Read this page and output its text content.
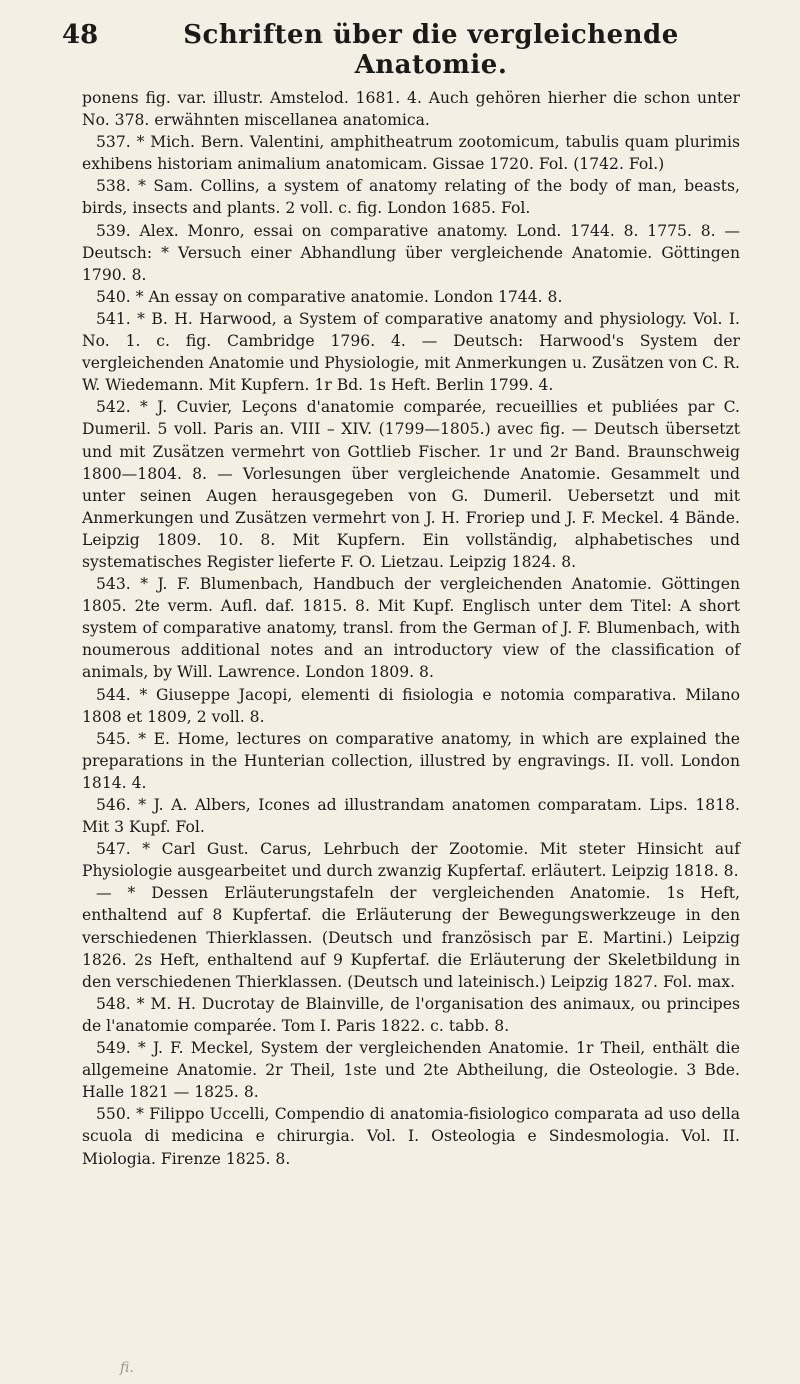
48	Schriften über die vergleichende Anatomie.

ponens fig. var. illustr. Amstelod. 1681. 4. Auch gehören hierher die schon unter No. 378. erwähnten miscellanea anatomica.

537. * Mich. Bern. Valentini, amphitheatrum zootomicum, tabulis quam plurimis exhibens historiam animalium anatomicam. Gissae 1720. Fol. (1742. Fol.)

538. * Sam. Collins, a system of anatomy relating of the body of man, beasts, birds, insects and plants. 2 voll. c. fig. London 1685. Fol.

539. Alex. Monro, essai on comparative anatomy. Lond. 1744. 8. 1775. 8. — Deutsch: * Versuch einer Abhandlung über vergleichende Anatomie. Göttingen 1790. 8.

540. * An essay on comparative anatomie. London 1744. 8.

541. * B. H. Harwood, a System of comparative anatomy and physiology. Vol. I. No. 1. c. fig. Cambridge 1796. 4. — Deutsch: Harwood's System der vergleichenden Anatomie und Physiologie, mit Anmerkungen u. Zusätzen von C. R. W. Wiedemann. Mit Kupfern. 1r Bd. 1s Heft. Berlin 1799. 4.

542. * J. Cuvier, Leçons d'anatomie comparée, recueillies et publiées par C. Dumeril. 5 voll. Paris an. VIII – XIV. (1799—1805.) avec fig. — Deutsch übersetzt und mit Zusätzen vermehrt von Gottlieb Fischer. 1r und 2r Band. Braunschweig 1800—1804. 8. — Vorlesungen über vergleichende Anatomie. Gesammelt und unter seinen Augen herausgegeben von G. Dumeril. Uebersetzt und mit Anmerkungen und Zusätzen vermehrt von J. H. Froriep und J. F. Meckel. 4 Bände. Leipzig 1809. 10. 8. Mit Kupfern. Ein vollständig, alphabetisches und systematisches Register lieferte F. O. Lietzau. Leipzig 1824. 8.

543. * J. F. Blumenbach, Handbuch der vergleichenden Anatomie. Göttingen 1805. 2te verm. Aufl. daf. 1815. 8. Mit Kupf. Englisch unter dem Titel: A short system of comparative anatomy, transl. from the German of J. F. Blumenbach, with noumerous additional notes and an introductory view of the classification of animals, by Will. Lawrence. London 1809. 8.

544. * Giuseppe Jacopi, elementi di fisiologia e notomia comparativa. Milano 1808 et 1809, 2 voll. 8.

545. * E. Home, lectures on comparative anatomy, in which are explained the preparations in the Hunterian collection, illustred by engravings. II. voll. London 1814. 4.

546. * J. A. Albers, Icones ad illustrandam anatomen comparatam. Lips. 1818. Mit 3 Kupf. Fol.

547. * Carl Gust. Carus, Lehrbuch der Zootomie. Mit steter Hinsicht auf Physiologie ausgearbeitet und durch zwanzig Kupfertaf. erläutert. Leipzig 1818. 8.

— * Dessen Erläuterungstafeln der vergleichenden Anatomie. 1s Heft, enthaltend auf 8 Kupfertaf. die Erläuterung der Bewegungswerkzeuge in den verschiedenen Thierklassen. (Deutsch und französisch par E. Martini.) Leipzig 1826. 2s Heft, enthaltend auf 9 Kupfertaf. die Erläuterung der Skeletbildung in den verschiedenen Thierklassen. (Deutsch und lateinisch.) Leipzig 1827. Fol. max.

548. * M. H. Ducrotay de Blainville, de l'organisation des animaux, ou principes de l'anatomie comparée. Tom I. Paris 1822. c. tabb. 8.

549. * J. F. Meckel, System der vergleichenden Anatomie. 1r Theil, enthält die allgemeine Anatomie. 2r Theil, 1ste und 2te Abtheilung, die Osteologie. 3 Bde. Halle 1821 — 1825. 8.

550. * Filippo Uccelli, Compendio di anatomia-fisiologico comparata ad uso della scuola di medicina e chirurgia. Vol. I. Osteologia e Sindesmologia. Vol. II. Miologia. Firenze 1825. 8.

fi.
